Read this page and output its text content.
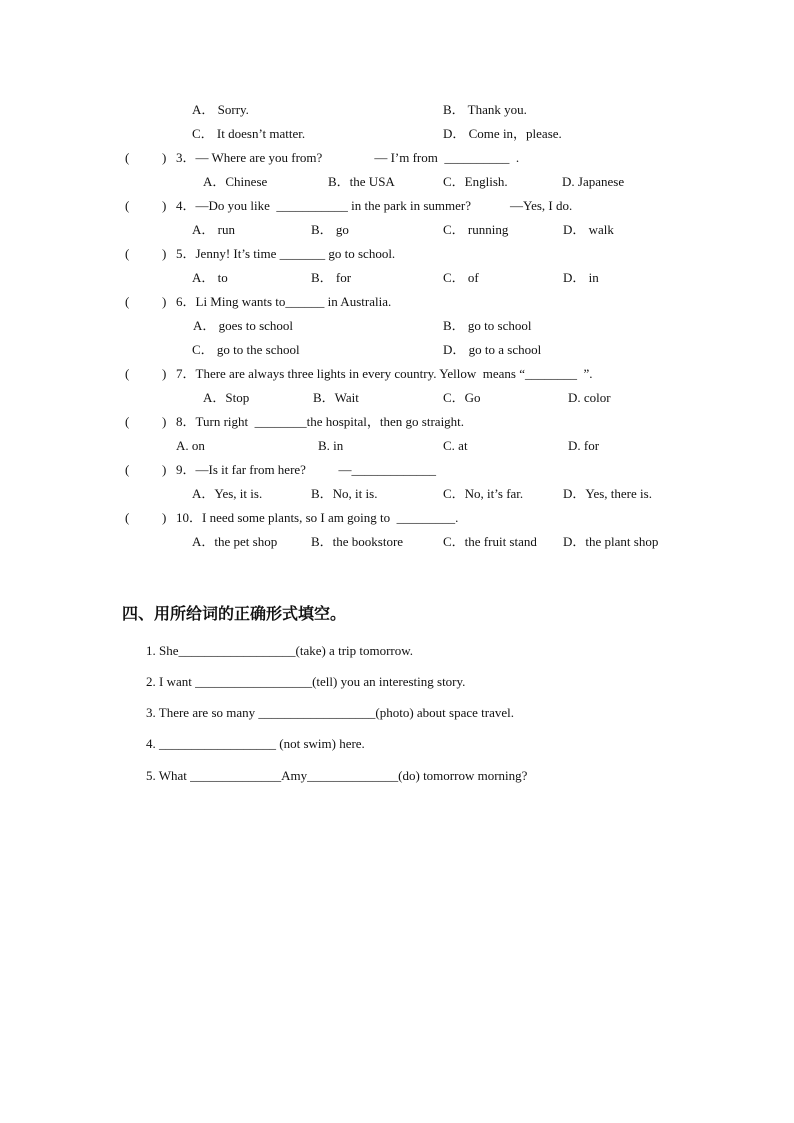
A． Sorry.	B． Thank you.
C． It doesn’t matter.	D． Come in，please.
(	) 3．— Where are you from?                — I’m from  __________  .
A．Chinese	B．the USA	C．English.	D. Japanese
(	) 4．—Do you like  ___________ in the park in summer?            —Yes, I do.
A． run	B． go	C． running	D． walk
(	) 5．Jenny! It’s time _______ go to school.
A． to	B． for	C． of	D． in
(	) 6．Li Ming wants to______ in Australia.
A． goes to school	B． go to school
C． go to the school	D． go to a school
(	) 7．There are always three lights in every country. Yellow  means “________  ”.
A．Stop	B．Wait	C．Go	D. color
(	) 8．Turn right  ________the hospital，then go straight.
A. on	B. in	C. at	D. for
(	) 9．—Is it far from here?          —_____________
A．Yes, it is.	B．No, it is.	C．No, it’s far.	D．Yes, there is.
(	) 10．I need some plants, so I am going to  _________.
A．the pet shop	B．the bookstore	C．the fruit stand D．the plant shop
四、用所给词的正确形式填空。
1. She__________________(take) a trip tomorrow.
2. I want __________________(tell) you an interesting story.
3. There are so many __________________(photo) about space travel.
4. __________________ (not swim) here.
5. What ______________Amy______________(do) tomorrow morning?
